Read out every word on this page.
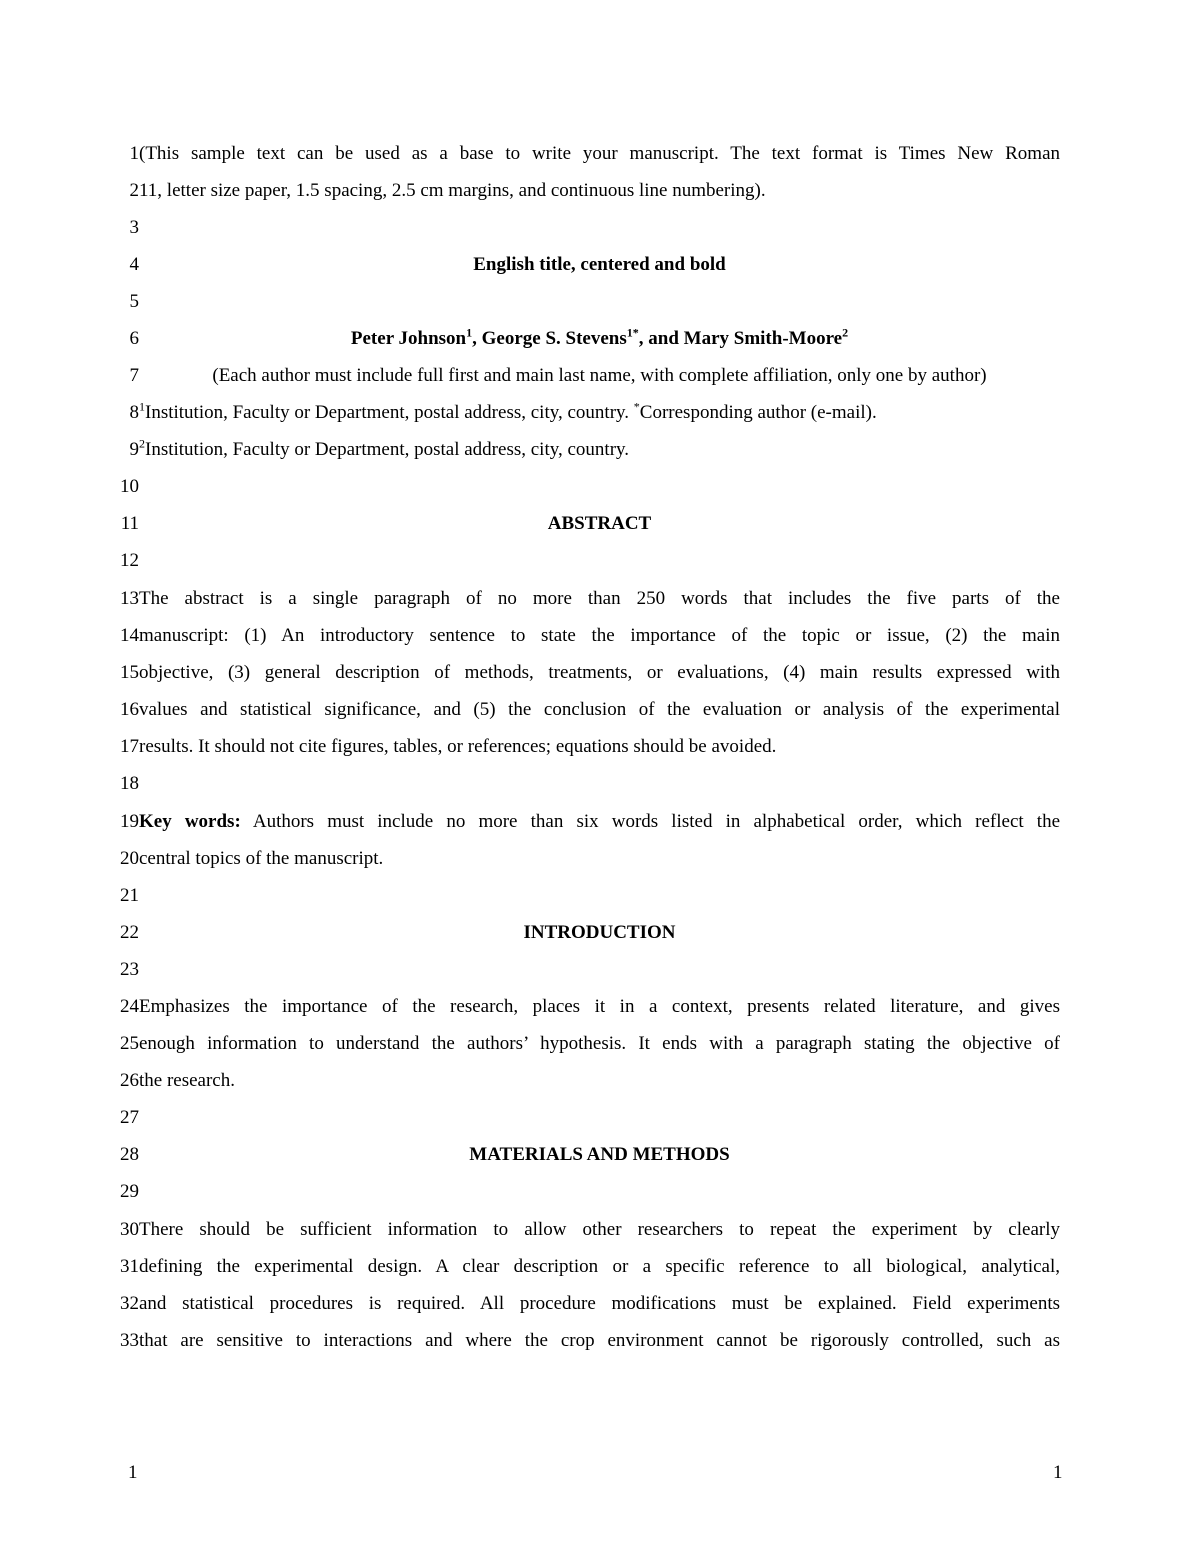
1 (This sample text can be used as a base to write your manuscript. The text format is Times New Roman
2 11, letter size paper, 1.5 spacing, 2.5 cm margins, and continuous line numbering).
3
4	English title, centered and bold
5
6	Peter Johnson$^1$, George S. Stevens$^{1*}$, and Mary Smith-Moore$^2$
7	(Each author must include full first and main last name, with complete affiliation, only one by author)
8 $^1$Institution, Faculty or Department, postal address, city, country. *Corresponding author (e-mail).
9 $^2$Institution, Faculty or Department, postal address, city, country.
10
11	ABSTRACT
12
13 The abstract is a single paragraph of no more than 250 words that includes the five parts of the
14 manuscript: (1) An introductory sentence to state the importance of the topic or issue, (2) the main
15 objective, (3) general description of methods, treatments, or evaluations, (4) main results expressed with
16 values and statistical significance, and (5) the conclusion of the evaluation or analysis of the experimental
17 results. It should not cite figures, tables, or references; equations should be avoided.
18
19 Key words: Authors must include no more than six words listed in alphabetical order, which reflect the
20 central topics of the manuscript.
21
22	INTRODUCTION
23
24 Emphasizes the importance of the research, places it in a context, presents related literature, and gives
25 enough information to understand the authors’ hypothesis. It ends with a paragraph stating the objective of
26 the research.
27
28	MATERIALS AND METHODS
29
30 There should be sufficient information to allow other researchers to repeat the experiment by clearly
31 defining the experimental design. A clear description or a specific reference to all biological, analytical,
32 and statistical procedures is required. All procedure modifications must be explained. Field experiments
33 that are sensitive to interactions and where the crop environment cannot be rigorously controlled, such as
1	1
